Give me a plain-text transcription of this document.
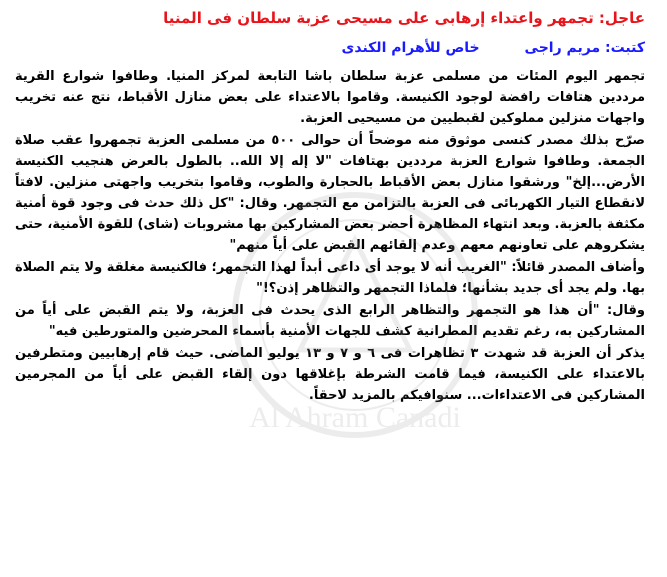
عاجل: تجمهر واعتداء إرهابى على مسيحى عزبة سلطان فى المنيا
كتبت: مريم راجى خاص للأهرام الكندى

تجمهر اليوم المئات من مسلمى عزبة سلطان باشا التابعة لمركز المنيا. وطافوا شوارع القرية مرددين هتافات رافضة لوجود الكنيسة. وقاموا بالاعتداء على بعض منازل الأقباط، نتج عنه تخريب واجهات منزلين مملوكين لقبطيين من مسيحيى العزبة.

صرّح بذلك مصدر كنسى موثوق منه موضحاً أن حوالى ٥٠٠ من مسلمى العزبة تجمهروا عقب صلاة الجمعة. وطافوا شوارع العزبة مرددين بهتافات "لا إله إلا الله.. بالطول بالعرض هنجيب الكنيسة الأرض...إلخ" ورشقوا منازل بعض الأقباط بالحجارة والطوب، وقاموا بتخريب واجهتى منزلين. لافتاً لانقطاع التيار الكهربائى فى العزبة بالتزامن مع التجمهر. وقال: "كل ذلك حدث فى وجود قوة أمنية مكثفة بالعزبة. وبعد انتهاء المظاهرة أحضر بعض المشاركين بها مشروبات (شاى) للقوة الأمنية، حتى يشكروهم على تعاونهم معهم وعدم إلقائهم القبض على أياً منهم"

وأضاف المصدر قائلاً: "الغريب أنه لا يوجد أى داعى أبداً لهذا التجمهر؛ فالكنيسة مغلقة ولا يتم الصلاة بها. ولم يجد أى جديد بشأنها؛ فلماذا التجمهر والتظاهر إذن؟!"

وقال: "أن هذا هو التجمهر والتظاهر الرابع الذى يحدث فى العزبة، ولا يتم القبض على أياً من المشاركين به، رغم تقديم المطرانية كشف للجهات الأمنية بأسماء المحرضين والمتورطين فيه"

يذكر أن العزبة قد شهدت ٣ تظاهرات فى ٦ و ٧ و ١٣ يوليو الماضى. حيث قام إرهابيين ومتطرفين بالاعتداء على الكنيسة، فيما قامت الشرطة بإغلاقها دون إلقاء القبض على أياً من المجرمين المشاركين فى الاعتداءات... سنوافيكم بالمزيد لاحقاً.

Al Ahram Canadi
